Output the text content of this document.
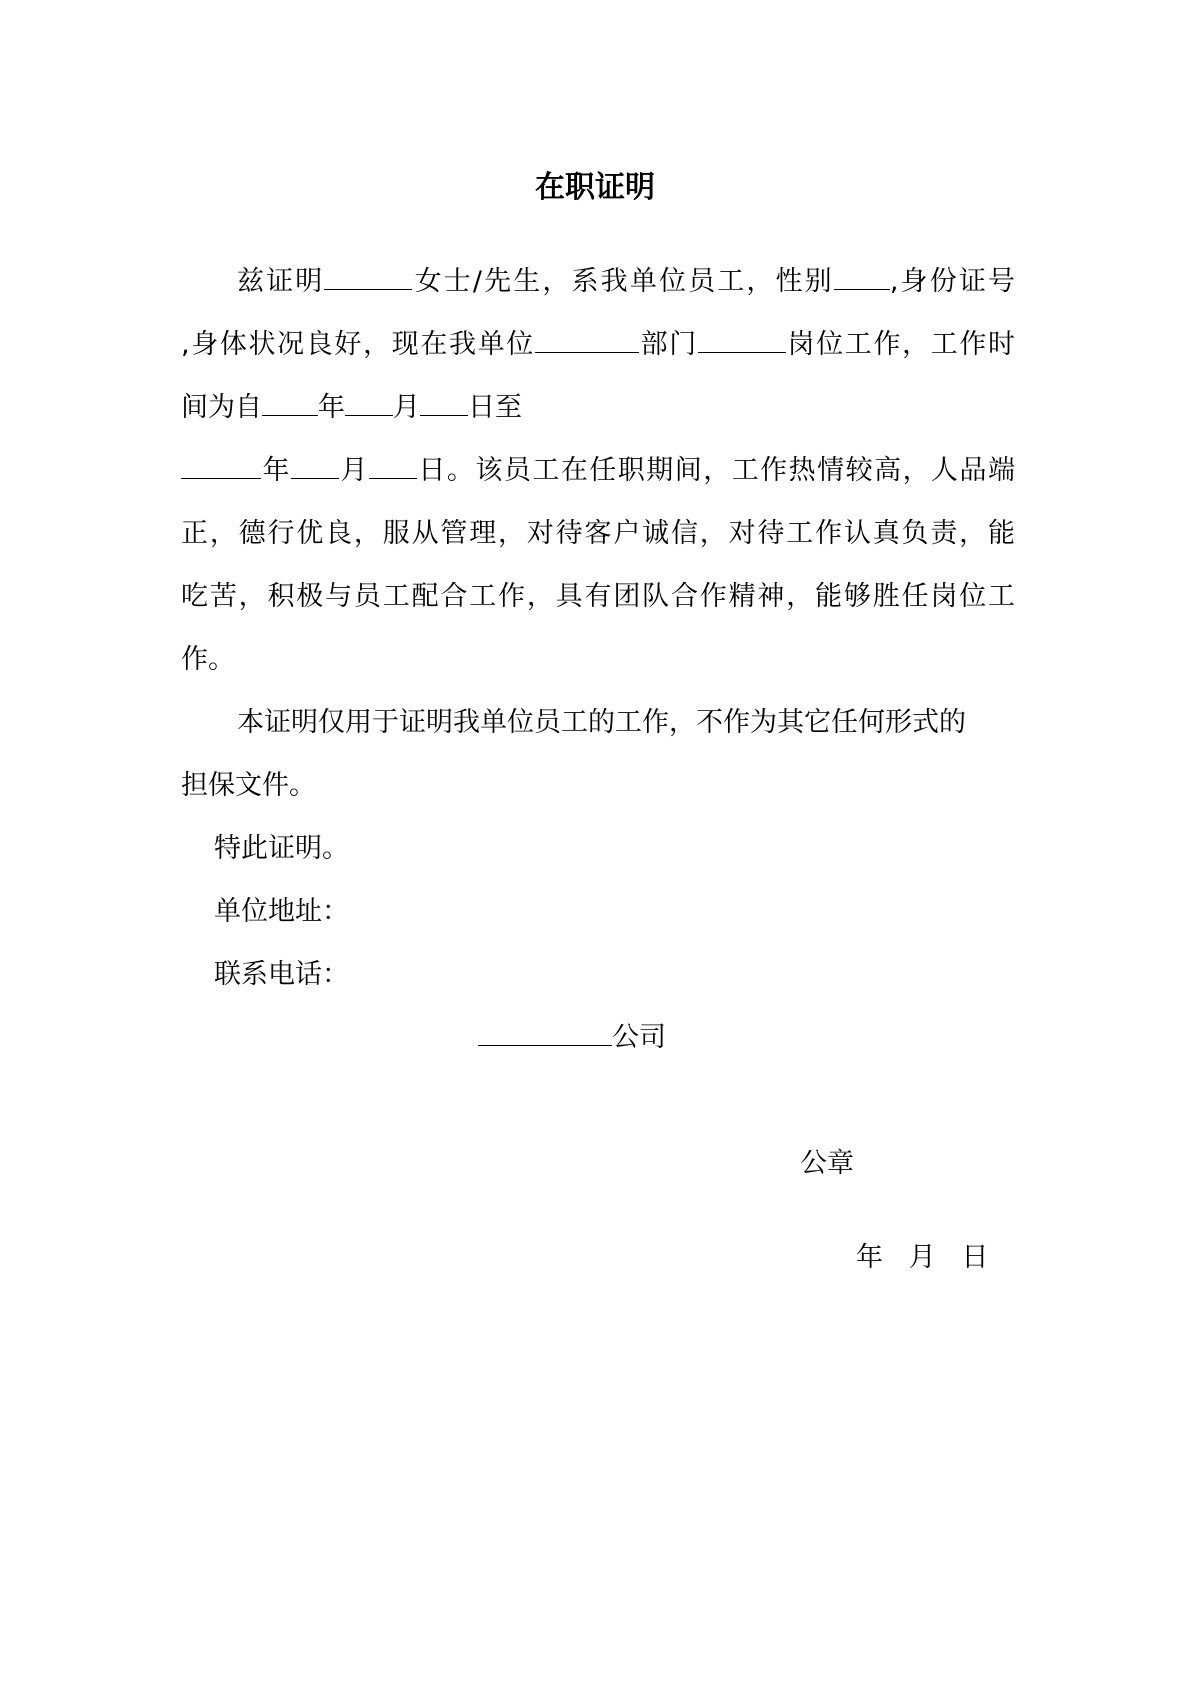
在职证明
兹证明	女士/先生，系我单位员工，性别 ,身份证号
,身体状况良好，现在我单位	部门	岗位工作，工作时
间为自 年 月 日至
年 月 日。该员工在任职期间，工作热情较高，人品端
正，德行优良，服从管理，对待客户诚信，对待工作认真负责，能
吃苦，积极与员工配合工作，具有团队合作精神，能够胜任岗位工
作。
本证明仅用于证明我单位员工的工作，不作为其它任何形式的
担保文件。
特此证明。
单位地址：
联系电话：
公司
公章
年 月 日
